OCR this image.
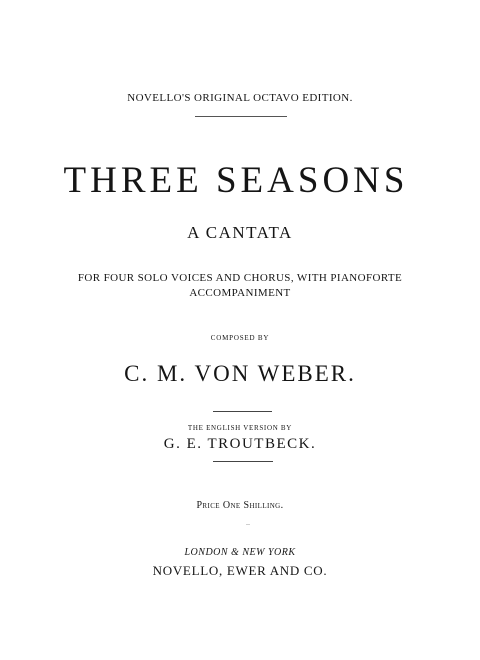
NOVELLO'S ORIGINAL OCTAVO EDITION.
THREE SEASONS
A CANTATA
FOR FOUR SOLO VOICES AND CHORUS, WITH PIANOFORTE
ACCOMPANIMENT
COMPOSED BY
C. M. VON WEBER.
THE ENGLISH VERSION BY
G. E. TROUTBECK.
Price One Shilling.
LONDON & NEW YORK
NOVELLO, EWER AND CO.
